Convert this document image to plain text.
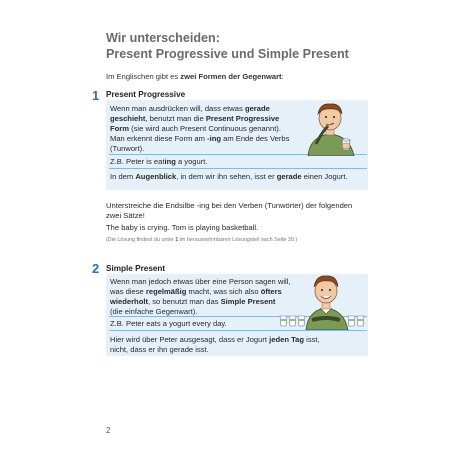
Wir unterscheiden:
Present Progressive und Simple Present
Im Englischen gibt es zwei Formen der Gegenwart:
1 Present Progressive
Wenn man ausdrücken will, dass etwas gerade
geschieht, benutzt man die Present Progressive
Form (sie wird auch Present Continuous genannt).
Man erkennt diese Form am -ing am Ende des Verbs
(Tunwort).
Z.B. Peter is eating a yogurt.
In dem Augenblick, in dem wir ihn sehen, isst er gerade einen Jogurt.
Unterstreiche die Endsilbe -ing bei den Verben (Tunwörter) der folgenden
zwei Sätze!
The baby is crying. Tom is playing basketball.
(Die Lösung findest du unter 1 im herausnehmbaren Lösungsteil nach Seite 30.)
2 Simple Present
Wenn man jedoch etwas über eine Person sagen will,
was diese regelmäßig macht, was sich also öfters
wiederholt, so benutzt man das Simple Present
(die einfache Gegenwart).
Z.B. Peter eats a yogurt every day.
Hier wird über Peter ausgesagt, dass er Jogurt jeden Tag isst,
nicht, dass er ihn gerade isst.
2
